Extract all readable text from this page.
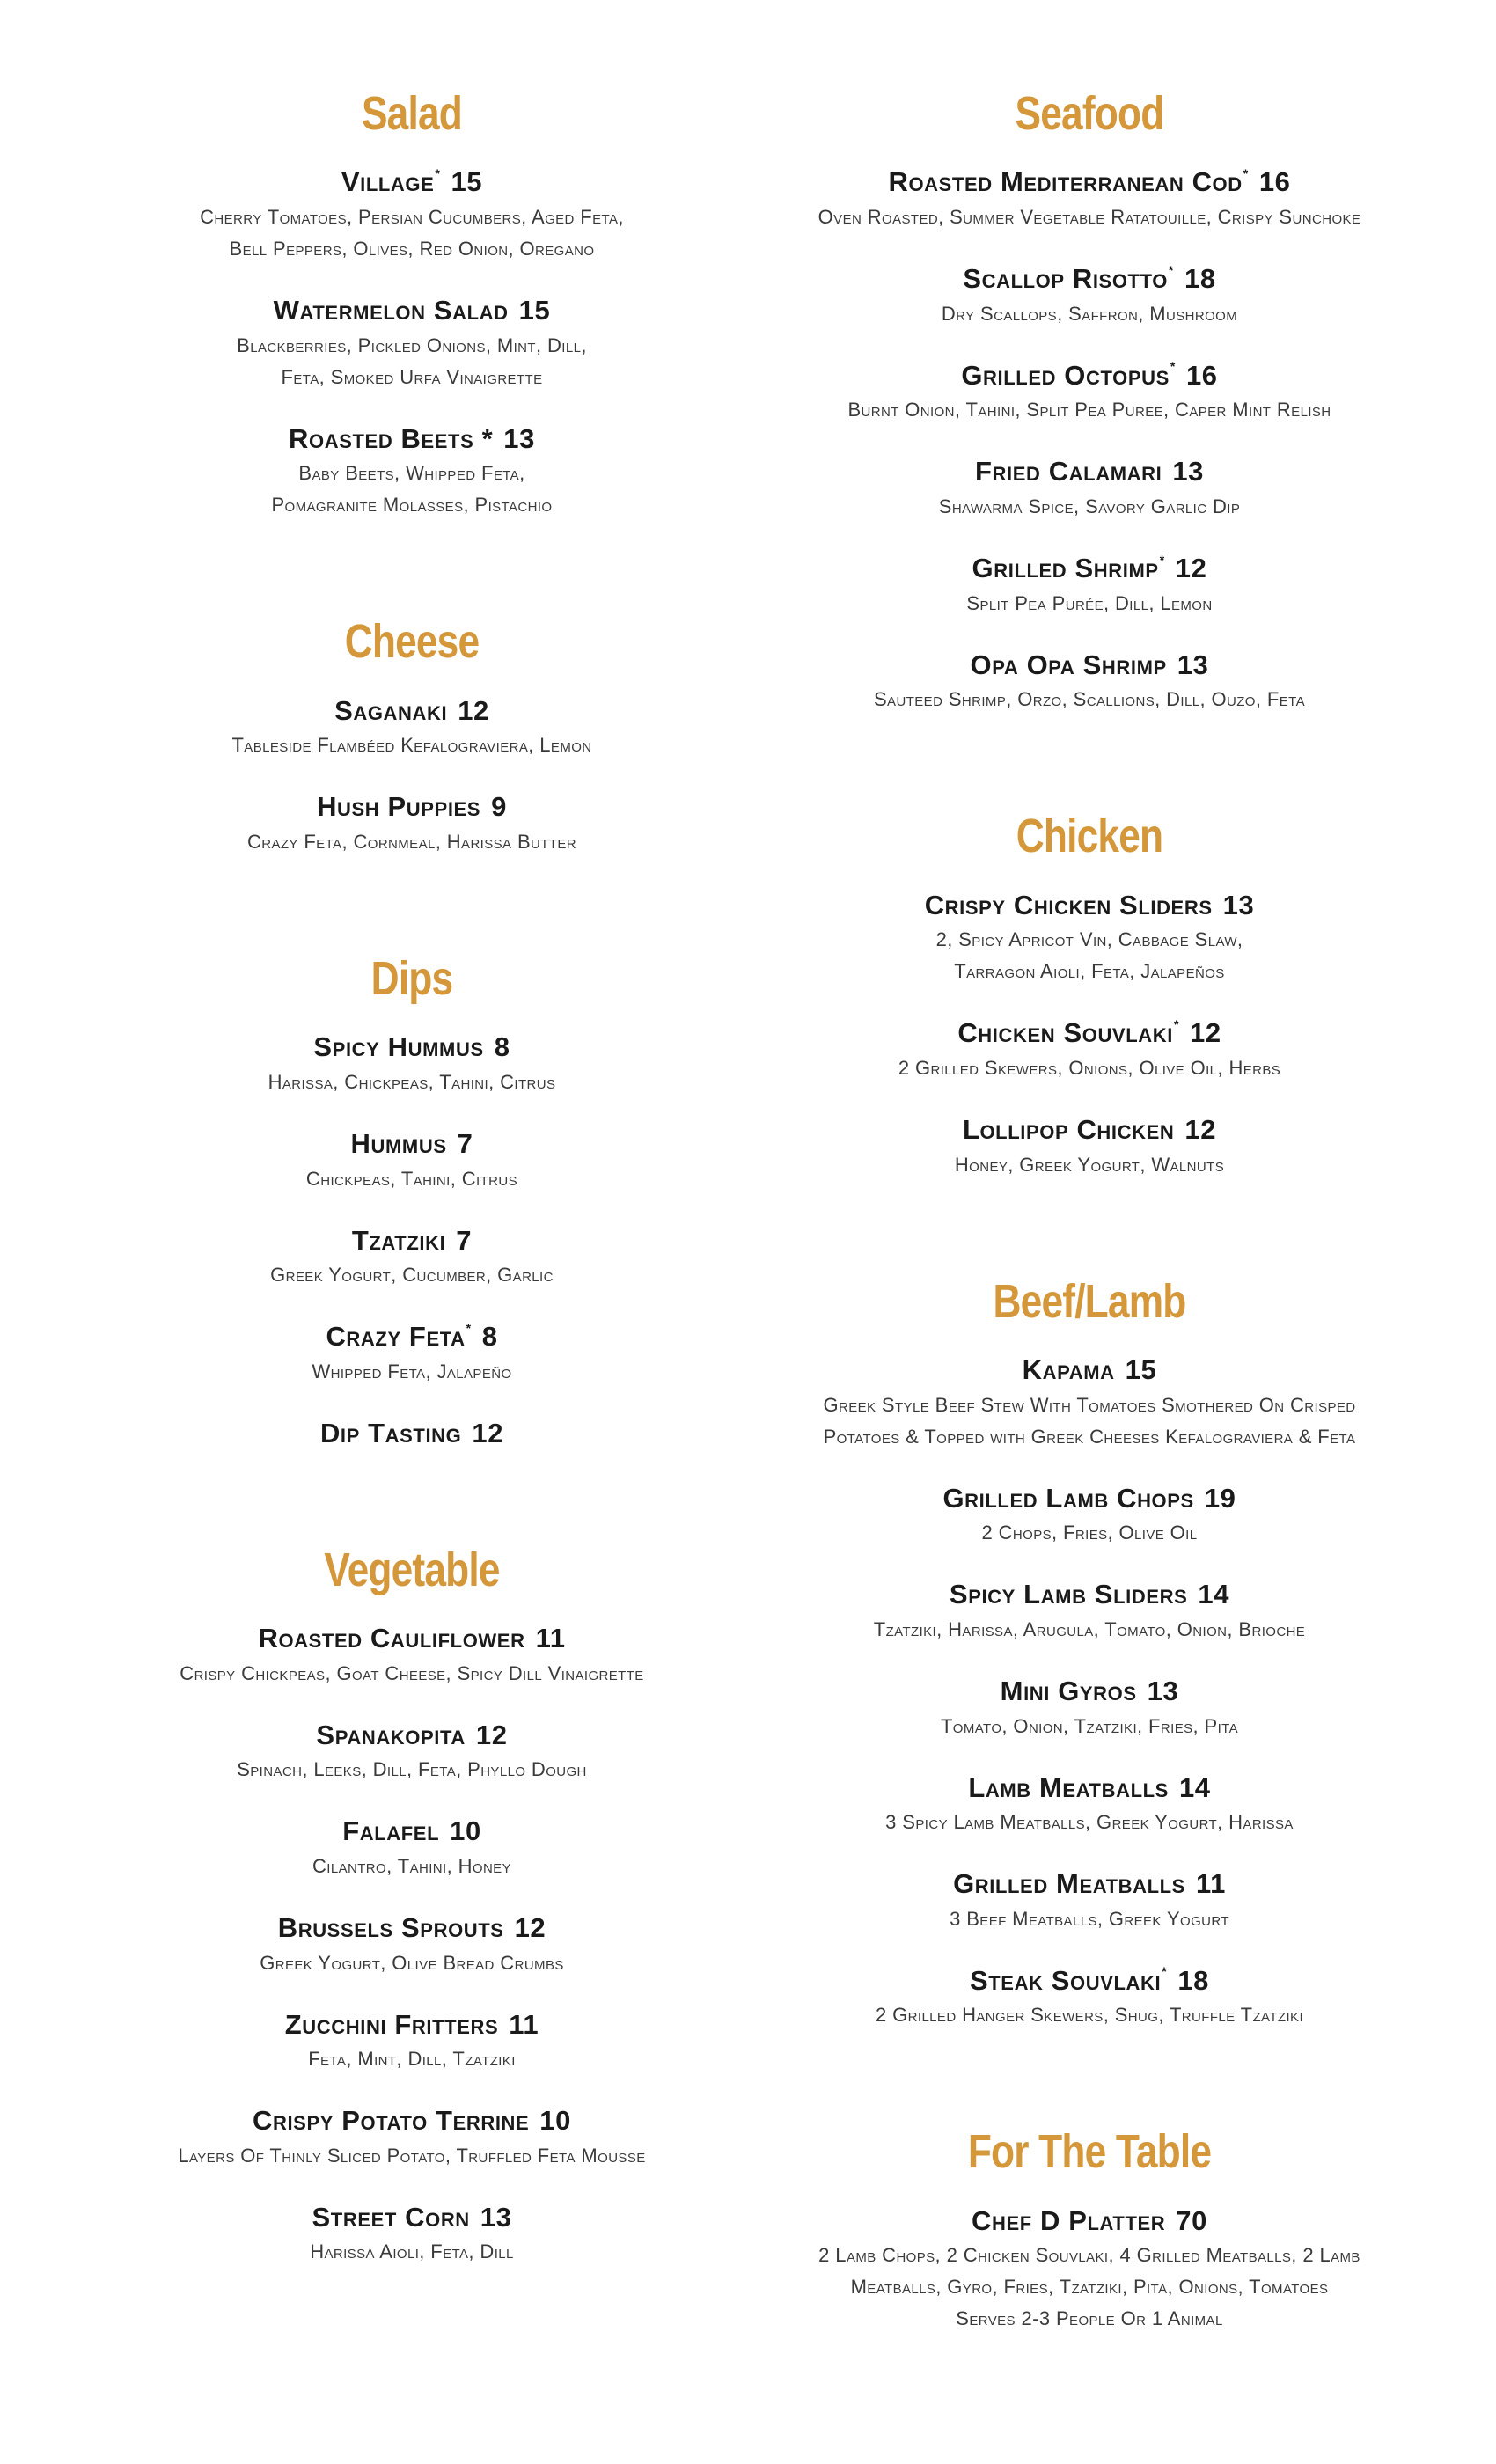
Salad
Village* 15
Cherry Tomatoes, Persian Cucumbers, Aged Feta,
Bell Peppers, Olives, Red Onion, Oregano
Watermelon Salad 15
Blackberries, Pickled Onions, Mint, Dill,
Feta, Smoked Urfa Vinaigrette
Roasted Beets * 13
Baby Beets, Whipped Feta,
Pomagranite Molasses, Pistachio
Cheese
Saganaki 12
Tableside Flambéed Kefalograviera, Lemon
Hush Puppies 9
Crazy Feta, Cornmeal, Harissa Butter
Dips
Spicy Hummus 8
Harissa, Chickpeas, Tahini, Citrus
Hummus 7
Chickpeas, Tahini, Citrus
Tzatziki 7
Greek Yogurt, Cucumber, Garlic
Crazy Feta* 8
Whipped Feta, Jalapeño
Dip Tasting 12
Vegetable
Roasted Cauliflower 11
Crispy Chickpeas, Goat Cheese, Spicy Dill Vinaigrette
Spanakopita 12
Spinach, Leeks, Dill, Feta, Phyllo Dough
Falafel 10
Cilantro, Tahini, Honey
Brussels Sprouts 12
Greek Yogurt, Olive Bread Crumbs
Zucchini Fritters 11
Feta, Mint, Dill, Tzatziki
Crispy Potato Terrine 10
Layers Of Thinly Sliced Potato, Truffled Feta Mousse
Street Corn 13
Harissa Aioli, Feta, Dill
Seafood
Roasted Mediterranean Cod* 16
Oven Roasted, Summer Vegetable Ratatouille, Crispy Sunchoke
Scallop Risotto* 18
Dry Scallops, Saffron, Mushroom
Grilled Octopus* 16
Burnt Onion, Tahini, Split Pea Puree, Caper Mint Relish
Fried Calamari 13
Shawarma Spice, Savory Garlic Dip
Grilled Shrimp* 12
Split Pea Purée, Dill, Lemon
Opa Opa Shrimp 13
Sauteed Shrimp, Orzo, Scallions, Dill, Ouzo, Feta
Chicken
Crispy Chicken Sliders 13
2, Spicy Apricot Vin, Cabbage Slaw,
Tarragon Aioli, Feta, Jalapeños
Chicken Souvlaki* 12
2 Grilled Skewers, Onions, Olive Oil, Herbs
Lollipop Chicken 12
Honey, Greek Yogurt, Walnuts
Beef/Lamb
Kapama 15
Greek Style Beef Stew With Tomatoes Smothered On Crisped
Potatoes & Topped with Greek Cheeses Kefalograviera & Feta
Grilled Lamb Chops 19
2 Chops, Fries, Olive Oil
Spicy Lamb Sliders 14
Tzatziki, Harissa, Arugula, Tomato, Onion, Brioche
Mini Gyros 13
Tomato, Onion, Tzatziki, Fries, Pita
Lamb Meatballs 14
3 Spicy Lamb Meatballs, Greek Yogurt, Harissa
Grilled Meatballs 11
3 Beef Meatballs, Greek Yogurt
Steak Souvlaki* 18
2 Grilled Hanger Skewers, Shug, Truffle Tzatziki
For The Table
Chef D Platter 70
2 Lamb Chops, 2 Chicken Souvlaki, 4 Grilled Meatballs, 2 Lamb
Meatballs, Gyro, Fries, Tzatziki, Pita, Onions, Tomatoes
Serves 2-3 People Or 1 Animal
